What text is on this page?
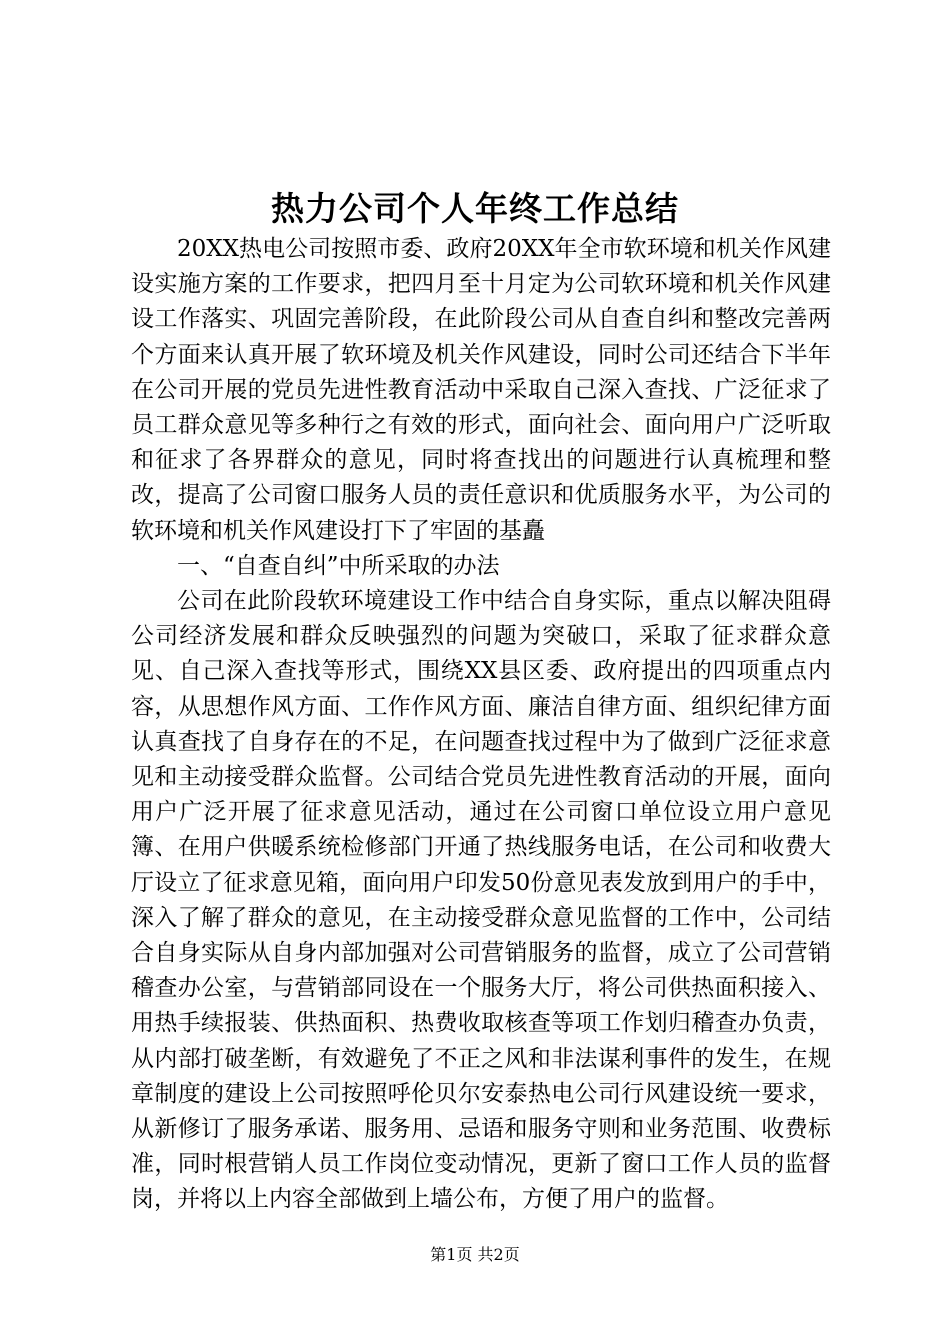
热力公司个人年终工作总结

20XX热电公司按照市委、政府20XX年全市软环境和机关作风建设实施方案的工作要求，把四月至十月定为公司软环境和机关作风建设工作落实、巩固完善阶段，在此阶段公司从自查自纠和整改完善两个方面来认真开展了软环境及机关作风建设，同时公司还结合下半年在公司开展的党员先进性教育活动中采取自己深入查找、广泛征求了员工群众意见等多种行之有效的形式，面向社会、面向用户广泛听取和征求了各界群众的意见，同时将查找出的问题进行认真梳理和整改，提高了公司窗口服务人员的责任意识和优质服务水平，为公司的软环境和机关作风建设打下了牢固的基矗

一、“自查自纠”中所采取的办法

公司在此阶段软环境建设工作中结合自身实际，重点以解决阻碍公司经济发展和群众反映强烈的问题为突破口，采取了征求群众意见、自己深入查找等形式，围绕XX县区委、政府提出的四项重点内容，从思想作风方面、工作作风方面、廉洁自律方面、组织纪律方面认真查找了自身存在的不足，在问题查找过程中为了做到广泛征求意见和主动接受群众监督。公司结合党员先进性教育活动的开展，面向用户广泛开展了征求意见活动，通过在公司窗口单位设立用户意见簿、在用户供暖系统检修部门开通了热线服务电话，在公司和收费大厅设立了征求意见箱，面向用户印发50份意见表发放到用户的手中，深入了解了群众的意见，在主动接受群众意见监督的工作中，公司结合自身实际从自身内部加强对公司营销服务的监督，成立了公司营销稽查办公室，与营销部同设在一个服务大厅，将公司供热面积接入、用热手续报装、供热面积、热费收取核查等项工作划归稽查办负责，从内部打破垄断，有效避免了不正之风和非法谋利事件的发生，在规章制度的建设上公司按照呼伦贝尔安泰热电公司行风建设统一要求，从新修订了服务承诺、服务用、忌语和服务守则和业务范围、收费标准，同时根营销人员工作岗位变动情况，更新了窗口工作人员的监督岗，并将以上内容全部做到上墙公布，方便了用户的监督。

第1页 共2页
